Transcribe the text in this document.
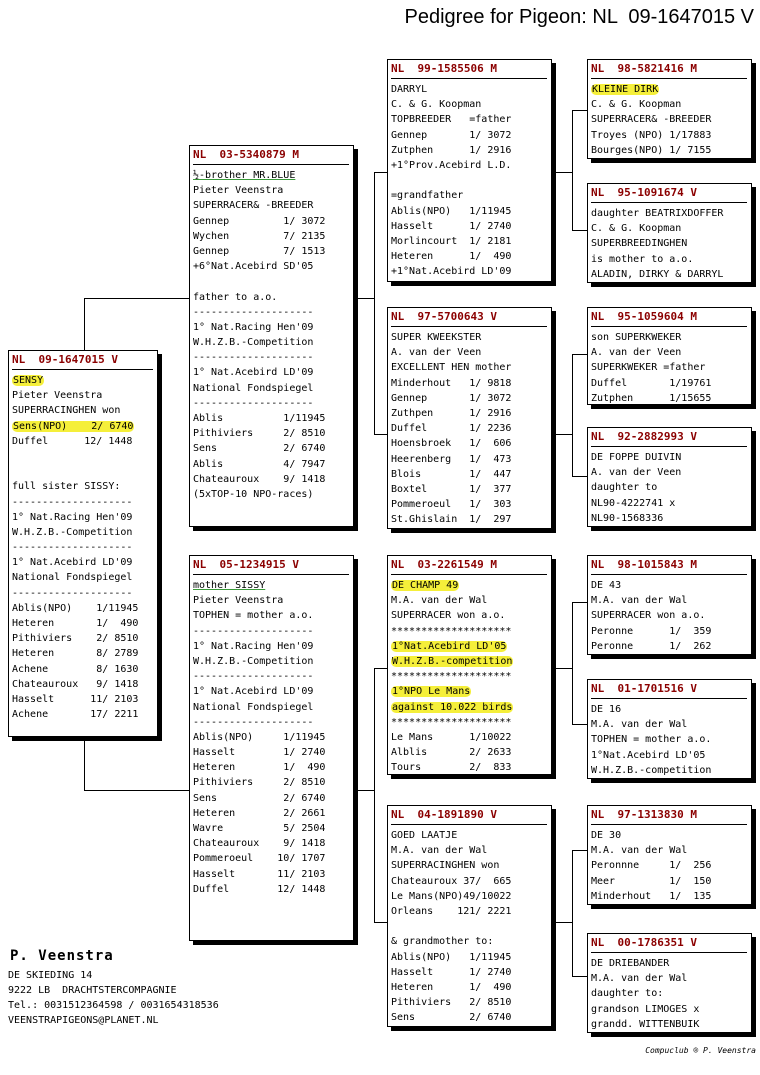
Pedigree for Pigeon: NL  09-1647015 V
NL  09-1647015 V
SENSY
Pieter Veenstra
SUPERRACINGHEN won
Sens(NPO)    2/ 6740
Duffel      12/ 1448
full sister SISSY:
--------------------
1° Nat.Racing Hen'09
W.H.Z.B.-Competition
--------------------
1° Nat.Acebird LD'09
National Fondspiegel
--------------------
Ablis(NPO)    1/11945
Heteren       1/  490
Pithiviers    2/ 8510
Heteren       8/ 2789
Achene        8/ 1630
Chateauroux   9/ 1418
Hasselt      11/ 2103
Achene       17/ 2211
NL  03-5340879 M
½-brother MR.BLUE
Pieter Veenstra
SUPERRACER& -BREEDER
Gennep         1/ 3072
Wychen         7/ 2135
Gennep         7/ 1513
+6°Nat.Acebird SD'05
father to a.o.
--------------------
1° Nat.Racing Hen'09
W.H.Z.B.-Competition
--------------------
1° Nat.Acebird LD'09
National Fondspiegel
--------------------
Ablis          1/11945
Pithiviers     2/ 8510
Sens           2/ 6740
Ablis          4/ 7947
Chateauroux    9/ 1418
(5xTOP-10 NPO-races)
NL  05-1234915 V
mother SISSY
Pieter Veenstra
TOPHEN = mother a.o.
--------------------
1° Nat.Racing Hen'09
W.H.Z.B.-Competition
--------------------
1° Nat.Acebird LD'09
National Fondspiegel
--------------------
Ablis(NPO)     1/11945
Hasselt        1/ 2740
Heteren        1/  490
Pithiviers     2/ 8510
Sens           2/ 6740
Heteren        2/ 2661
Wavre          5/ 2504
Chateauroux    9/ 1418
Pommeroeul    10/ 1707
Hasselt       11/ 2103
Duffel        12/ 1448
NL  99-1585506 M
DARRYL
C. & G. Koopman
TOPBREEDER   =father
Gennep       1/ 3072
Zutphen      1/ 2916
+1°Prov.Acebird L.D.
=grandfather
Ablis(NPO)   1/11945
Hasselt      1/ 2740
Morlincourt  1/ 2181
Heteren      1/  490
+1°Nat.Acebird LD'09
NL  97-5700643 V
SUPER KWEEKSTER
A. van der Veen
EXCELLENT HEN mother
Minderhout   1/ 9818
Gennep       1/ 3072
Zuthpen      1/ 2916
Duffel       1/ 2236
Hoensbroek   1/  606
Heerenberg   1/  473
Blois        1/  447
Boxtel       1/  377
Pommeroeul   1/  303
St.Ghislain  1/  297
NL  03-2261549 M
DE CHAMP 49
M.A. van der Wal
SUPERRACER won a.o.
********************
1°Nat.Acebird LD'05
W.H.Z.B.-competition
********************
1°NPO Le Mans
against 10.022 birds
********************
Le Mans      1/10022
Alblis       2/ 2633
Tours        2/  833
NL  04-1891890 V
GOED LAATJE
M.A. van der Wal
SUPERRACINGHEN won
Chateauroux 37/  665
Le Mans(NPO)49/10022
Orleans    121/ 2221
& grandmother to:
Ablis(NPO)   1/11945
Hasselt      1/ 2740
Heteren      1/  490
Pithiviers   2/ 8510
Sens         2/ 6740
NL  98-5821416 M
KLEINE DIRK
C. & G. Koopman
SUPERRACER& -BREEDER
Troyes (NPO) 1/17883
Bourges(NPO) 1/ 7155
NL  95-1091674 V
daughter BEATRIXDOFFER
C. & G. Koopman
SUPERBREEDINGHEN
is mother to a.o.
ALADIN, DIRKY & DARRYL
NL  95-1059604 M
son SUPERKWEKER
A. van der Veen
SUPERKWEKER =father
Duffel       1/19761
Zutphen      1/15655
NL  92-2882993 V
DE FOPPE DUIVIN
A. van der Veen
daughter to
NL90-4222741 x
NL90-1568336
NL  98-1015843 M
DE 43
M.A. van der Wal
SUPERRACER won a.o.
Peronne      1/  359
Peronne      1/  262
NL  01-1701516 V
DE 16
M.A. van der Wal
TOPHEN = mother a.o.
1°Nat.Acebird LD'05
W.H.Z.B.-competition
NL  97-1313830 M
DE 30
M.A. van der Wal
Peronnne     1/  256
Meer         1/  150
Minderhout   1/  135
NL  00-1786351 V
DE DRIEBANDER
M.A. van der Wal
daughter to:
grandson LIMOGES x
grandd. WITTENBUIK
P. Veenstra
DE SKIEDING 14
9222 LB  DRACHTSTERCOMPAGNIE
Tel.: 0031512364598 / 0031654318536
VEENSTRAPIGEONS@PLANET.NL
Compuclub ® P. Veenstra
